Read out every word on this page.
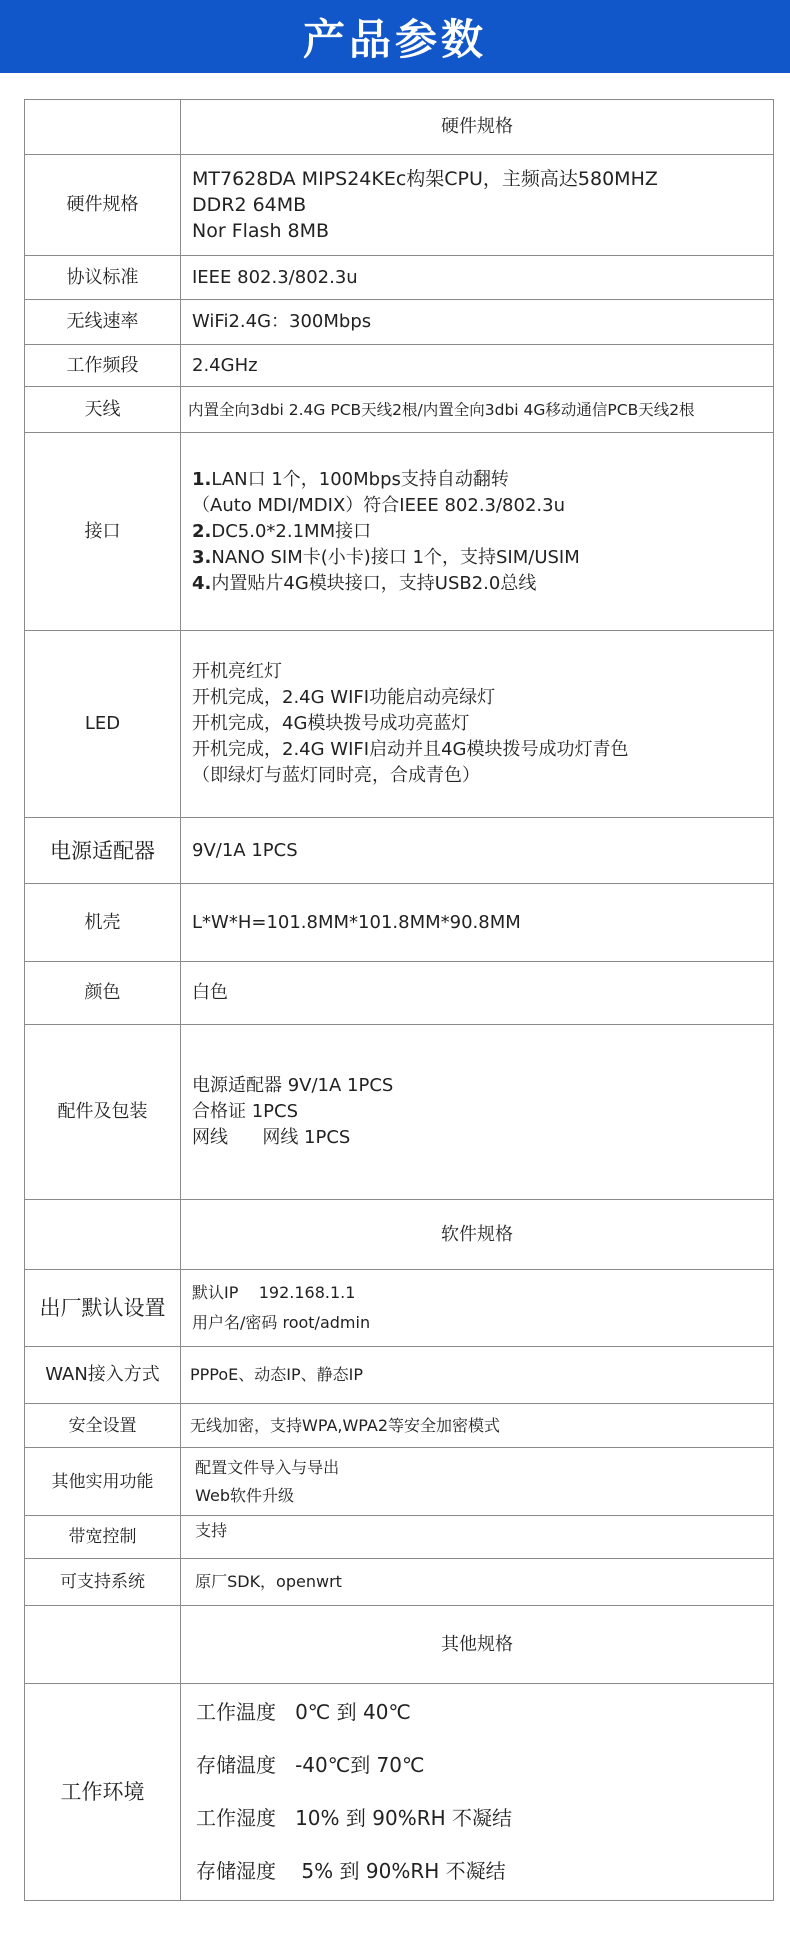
产品参数
	硬件规格
硬件规格	MT7628DA MIPS24KEc构架CPU，主频高达580MHZ
DDR2 64MB
Nor Flash 8MB

协议标准	IEEE 802.3/802.3u
无线速率	WiFi2.4G：300Mbps
工作频段	2.4GHz
天线	内置全向3dbi 2.4G PCB天线2根/内置全向3dbi 4G移动通信PCB天线2根
接口	1.LAN口 1个，100Mbps支持自动翻转
（Auto MDI/MDIX）符合IEEE 802.3/802.3u
2.DC5.0*2.1MM接口
3.NANO SIM卡(小卡)接口 1个，支持SIM/USIM
4.内置贴片4G模块接口，支持USB2.0总线

LED	开机亮红灯
开机完成，2.4G WIFI功能启动亮绿灯
开机完成，4G模块拨号成功亮蓝灯
开机完成，2.4G WIFI启动并且4G模块拨号成功灯青色
（即绿灯与蓝灯同时亮，合成青色）

电源适配器	9V/1A 1PCS
机壳	L*W*H=101.8MM*101.8MM*90.8MM
颜色	白色
配件及包装	电源适配器 9V/1A 1PCS
合格证 1PCS
网线      网线 1PCS

	软件规格
出厂默认设置	默认IP    192.168.1.1
用户名/密码 root/admin

WAN接入方式	PPPoE、动态IP、静态IP
安全设置	无线加密，支持WPA,WPA2等安全加密模式
其他实用功能	配置文件导入与导出
Web软件升级

带宽控制	支持
可支持系统	原厂SDK，openwrt
	其他规格
工作环境	工作温度   0℃ 到 40℃
存储温度   -40℃到 70℃
工作湿度   10% 到 90%RH 不凝结
存储湿度    5% 到 90%RH 不凝结
